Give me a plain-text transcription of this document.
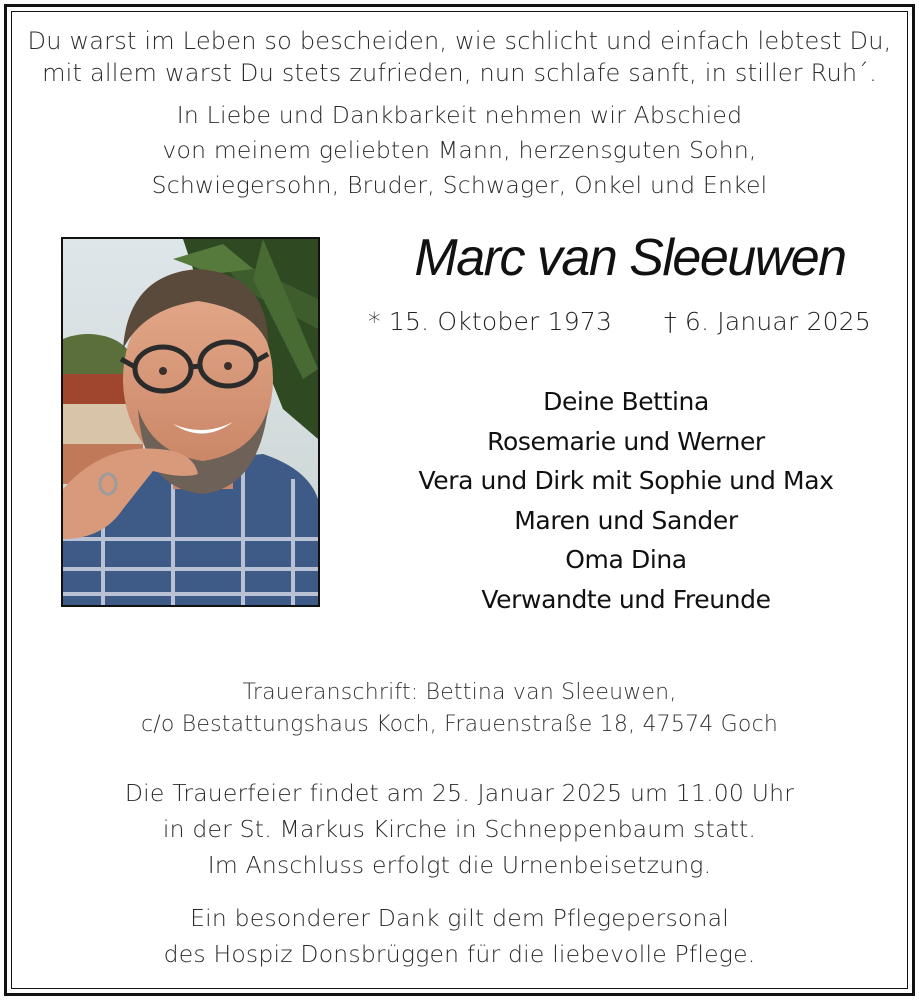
Du warst im Leben so bescheiden, wie schlicht und einfach lebtest Du,
mit allem warst Du stets zufrieden, nun schlafe sanft, in stiller Ruh´.
In Liebe und Dankbarkeit nehmen wir Abschied
von meinem geliebten Mann, herzensguten Sohn,
Schwiegersohn, Bruder, Schwager, Onkel und Enkel
Marc van Sleeuwen
* 15. Oktober 1973 † 6. Januar 2025
Deine Bettina
Rosemarie und Werner
Vera und Dirk mit Sophie und Max
Maren und Sander
Oma Dina
Verwandte und Freunde
Traueranschrift: Bettina van Sleeuwen,
c/o Bestattungshaus Koch, Frauenstraße 18, 47574 Goch
Die Trauerfeier findet am 25. Januar 2025 um 11.00 Uhr
in der St. Markus Kirche in Schneppenbaum statt.
Im Anschluss erfolgt die Urnenbeisetzung.
Ein besonderer Dank gilt dem Pflegepersonal
des Hospiz Donsbrüggen für die liebevolle Pflege.
